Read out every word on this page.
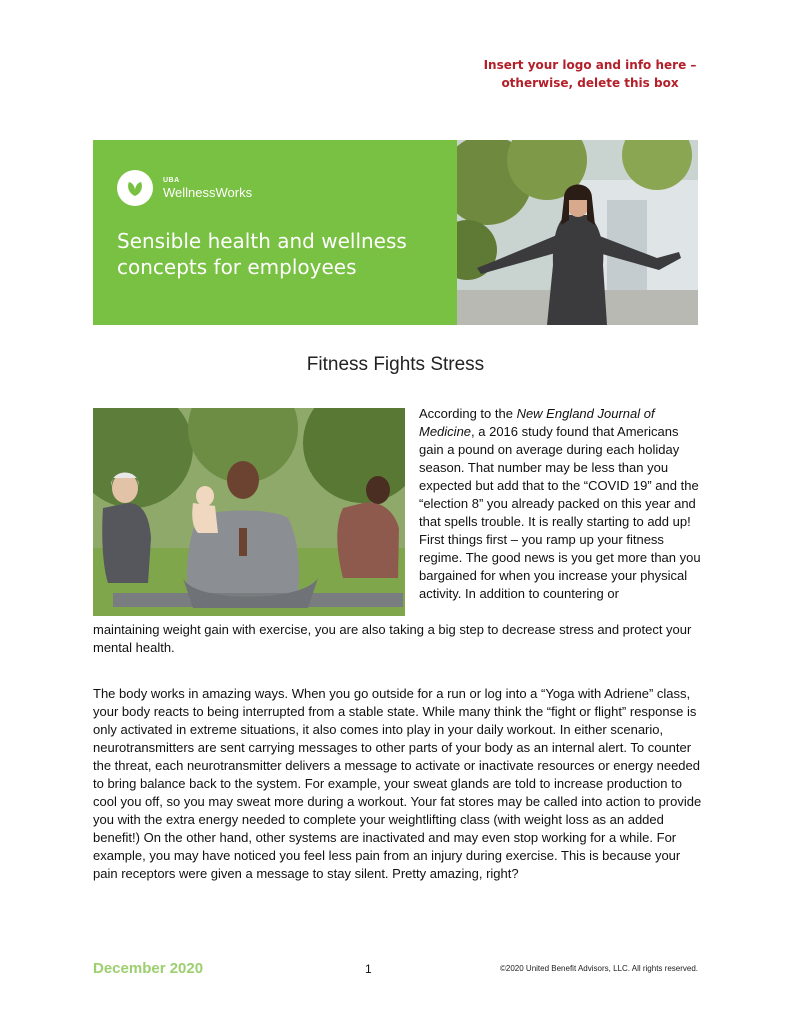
Insert your logo and info here –
otherwise, delete this box
UBA
WellnessWorks
Sensible health and wellness
concepts for employees
Fitness Fights Stress
According to the New England Journal of Medicine, a 2016 study found that Americans gain a pound on average during each holiday season. That number may be less than you expected but add that to the “COVID 19” and the “election 8” you already packed on this year and that spells trouble. It is really starting to add up! First things first – you ramp up your fitness regime. The good news is you get more than you bargained for when you increase your physical activity. In addition to countering or
maintaining weight gain with exercise, you are also taking a big step to decrease stress and protect your mental health.
The body works in amazing ways. When you go outside for a run or log into a “Yoga with Adriene” class, your body reacts to being interrupted from a stable state. While many think the “fight or flight” response is only activated in extreme situations, it also comes into play in your daily workout. In either scenario, neurotransmitters are sent carrying messages to other parts of your body as an internal alert. To counter the threat, each neurotransmitter delivers a message to activate or inactivate resources or energy needed to bring balance back to the system. For example, your sweat glands are told to increase production to cool you off, so you may sweat more during a workout. Your fat stores may be called into action to provide you with the extra energy needed to complete your weightlifting class (with weight loss as an added benefit!) On the other hand, other systems are inactivated and may even stop working for a while. For example, you may have noticed you feel less pain from an injury during exercise. This is because your pain receptors were given a message to stay silent. Pretty amazing, right?
December 2020	1	©2020 United Benefit Advisors, LLC. All rights reserved.
